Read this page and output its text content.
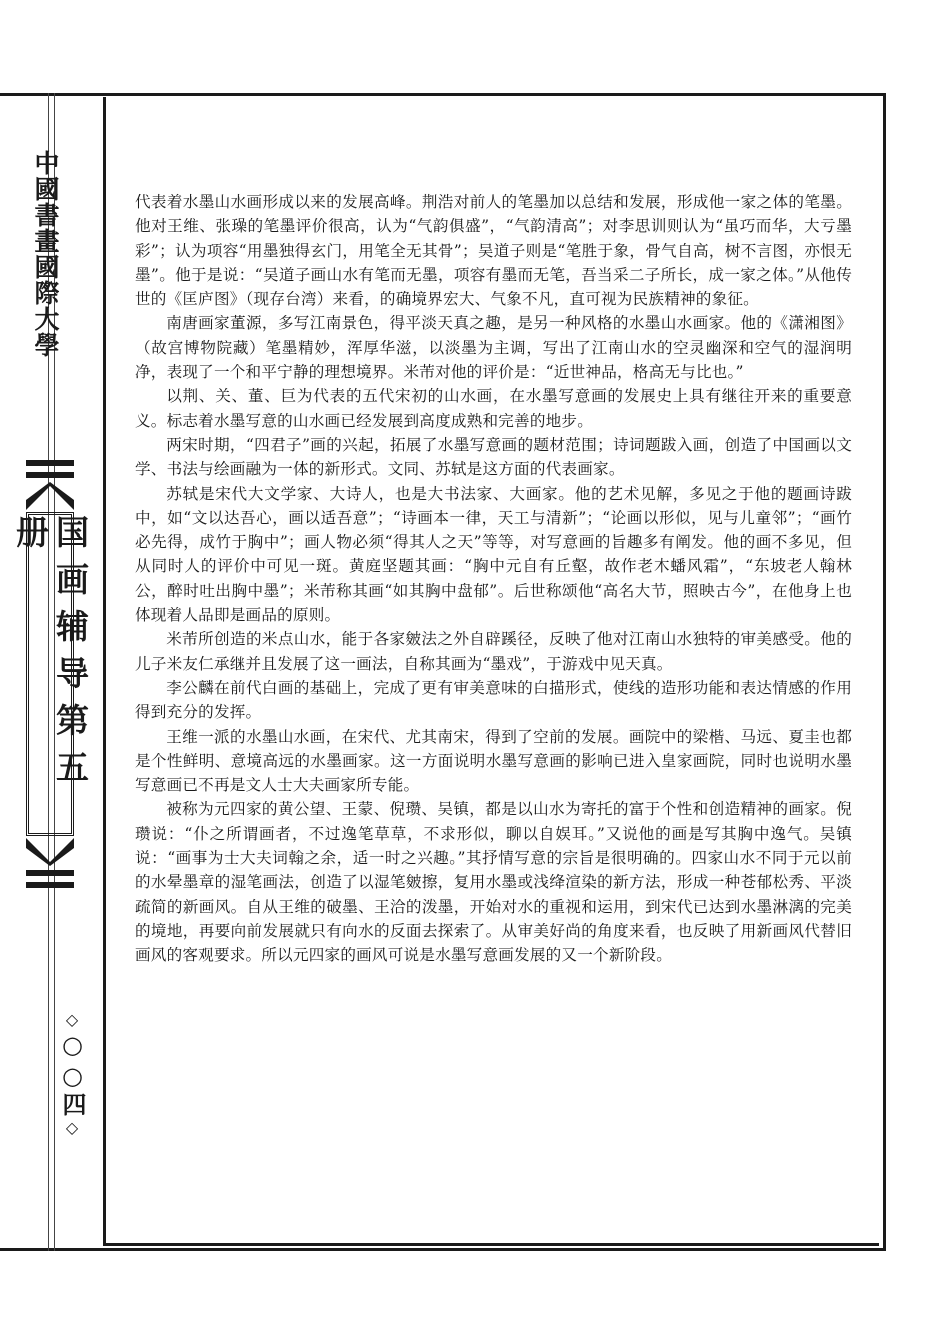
中國書畫國際大學
国画辅导第五册
◇
○○四
◇

代表着水墨山水画形成以来的发展高峰。荆浩对前人的笔墨加以总结和发展，形成他一家之体的笔墨。他对王维、张璪的笔墨评价很高，认为“气韵俱盛”，“气韵清高”；对李思训则认为“虽巧而华，大亏墨彩”；认为项容“用墨独得玄门，用笔全无其骨”；吴道子则是“笔胜于象，骨气自高，树不言图，亦恨无墨”。他于是说：“吴道子画山水有笔而无墨，项容有墨而无笔，吾当采二子所长，成一家之体。”从他传世的《匡庐图》（现存台湾）来看，的确境界宏大、气象不凡，直可视为民族精神的象征。

南唐画家董源，多写江南景色，得平淡天真之趣，是另一种风格的水墨山水画家。他的《潇湘图》（故宫博物院藏）笔墨精妙，浑厚华滋，以淡墨为主调，写出了江南山水的空灵幽深和空气的湿润明净，表现了一个和平宁静的理想境界。米芾对他的评价是：“近世神品，格高无与比也。”

以荆、关、董、巨为代表的五代宋初的山水画，在水墨写意画的发展史上具有继往开来的重要意义。标志着水墨写意的山水画已经发展到高度成熟和完善的地步。

两宋时期，“四君子”画的兴起，拓展了水墨写意画的题材范围；诗词题跋入画，创造了中国画以文学、书法与绘画融为一体的新形式。文同、苏轼是这方面的代表画家。

苏轼是宋代大文学家、大诗人，也是大书法家、大画家。他的艺术见解，多见之于他的题画诗跋中，如“文以达吾心，画以适吾意”；“诗画本一律，天工与清新”；“论画以形似，见与儿童邻”；“画竹必先得，成竹于胸中”；画人物必须“得其人之天”等等，对写意画的旨趣多有阐发。他的画不多见，但从同时人的评价中可见一斑。黄庭坚题其画：“胸中元自有丘壑，故作老木蟠风霜”，“东坡老人翰林公，醉时吐出胸中墨”；米芾称其画“如其胸中盘郁”。后世称颂他“高名大节，照映古今”，在他身上也体现着人品即是画品的原则。

米芾所创造的米点山水，能于各家皴法之外自辟蹊径，反映了他对江南山水独特的审美感受。他的儿子米友仁承继并且发展了这一画法，自称其画为“墨戏”，于游戏中见天真。

李公麟在前代白画的基础上，完成了更有审美意味的白描形式，使线的造形功能和表达情感的作用得到充分的发挥。

王维一派的水墨山水画，在宋代、尤其南宋，得到了空前的发展。画院中的梁楷、马远、夏圭也都是个性鲜明、意境高远的水墨画家。这一方面说明水墨写意画的影响已进入皇家画院，同时也说明水墨写意画已不再是文人士大夫画家所专能。

被称为元四家的黄公望、王蒙、倪瓒、吴镇，都是以山水为寄托的富于个性和创造精神的画家。倪瓒说：“仆之所谓画者，不过逸笔草草，不求形似，聊以自娱耳。”又说他的画是写其胸中逸气。吴镇说：“画事为士大夫词翰之余，适一时之兴趣。”其抒情写意的宗旨是很明确的。四家山水不同于元以前的水晕墨章的湿笔画法，创造了以湿笔皴擦，复用水墨或浅绛渲染的新方法，形成一种苍郁松秀、平淡疏简的新画风。自从王维的破墨、王洽的泼墨，开始对水的重视和运用，到宋代已达到水墨淋漓的完美的境地，再要向前发展就只有向水的反面去探索了。从审美好尚的角度来看，也反映了用新画风代替旧画风的客观要求。所以元四家的画风可说是水墨写意画发展的又一个新阶段。
